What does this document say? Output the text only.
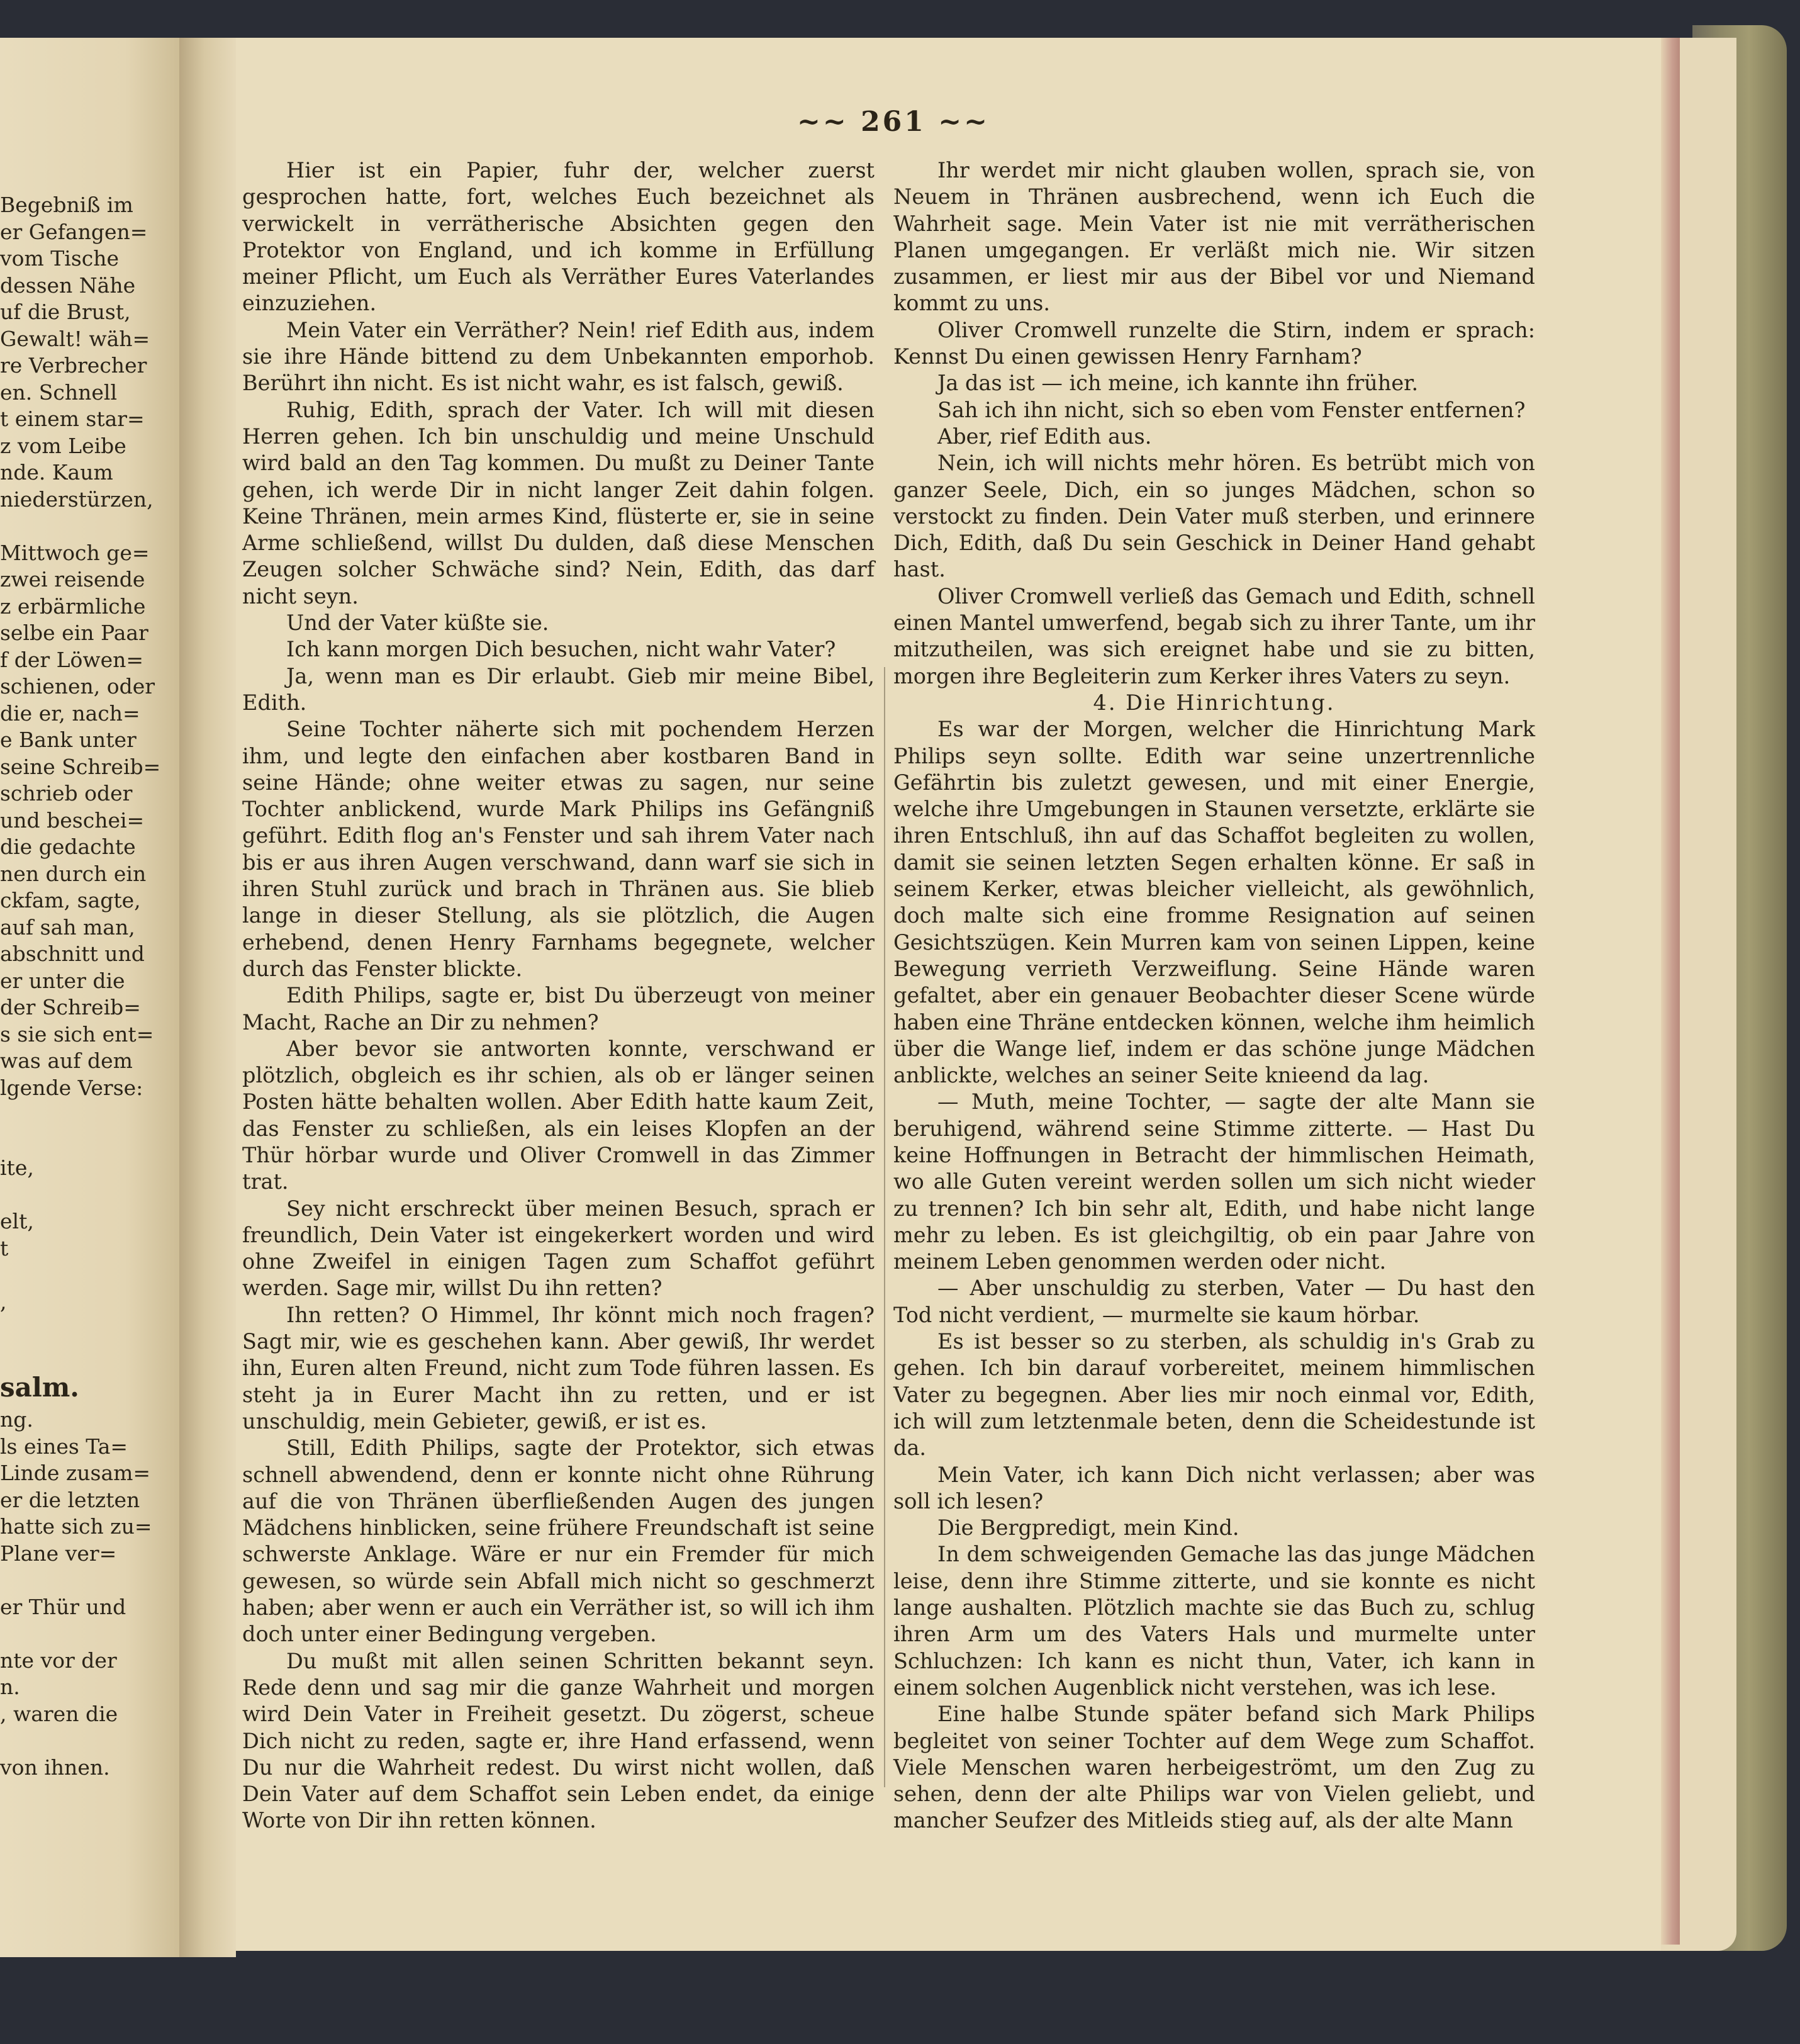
Begebniß im
er Gefangen=
vom Tische
dessen Nähe
uf die Brust,
Gewalt! wäh=
re Verbrecher
en. Schnell
t einem star=
z vom Leibe
nde. Kaum
niederstürzen,
Mittwoch ge=
zwei reisende
z erbärmliche
selbe ein Paar
f der Löwen=
schienen, oder
die er, nach=
e Bank unter
seine Schreib=
schrieb oder
und beschei=
die gedachte
nen durch ein
ckfam, sagte,
auf sah man,
abschnitt und
er unter die
der Schreib=
s sie sich ent=
was auf dem
lgende Verse:
ite,
elt,
t
,
salm.
ng.
ls eines Ta=
Linde zusam=
er die letzten
hatte sich zu=
Plane ver=
er Thür und
nte vor der
n.
, waren die
von ihnen.
~~ 261 ~~

Hier ist ein Papier, fuhr der, welcher zuerst gesprochen hatte, fort, welches Euch bezeichnet als verwickelt in verrätherische Absichten gegen den Protektor von England, und ich komme in Erfüllung meiner Pflicht, um Euch als Verräther Eures Vaterlandes einzuziehen.

Mein Vater ein Verräther? Nein! rief Edith aus, indem sie ihre Hände bittend zu dem Unbekannten emporhob. Berührt ihn nicht. Es ist nicht wahr, es ist falsch, gewiß.

Ruhig, Edith, sprach der Vater. Ich will mit diesen Herren gehen. Ich bin unschuldig und meine Unschuld wird bald an den Tag kommen. Du mußt zu Deiner Tante gehen, ich werde Dir in nicht langer Zeit dahin folgen. Keine Thränen, mein armes Kind, flüsterte er, sie in seine Arme schließend, willst Du dulden, daß diese Menschen Zeugen solcher Schwäche sind? Nein, Edith, das darf nicht seyn.

Und der Vater küßte sie.

Ich kann morgen Dich besuchen, nicht wahr Vater?

Ja, wenn man es Dir erlaubt. Gieb mir meine Bibel, Edith.

Seine Tochter näherte sich mit pochendem Herzen ihm, und legte den einfachen aber kostbaren Band in seine Hände; ohne weiter etwas zu sagen, nur seine Tochter anblickend, wurde Mark Philips ins Gefängniß geführt. Edith flog an's Fenster und sah ihrem Vater nach bis er aus ihren Augen verschwand, dann warf sie sich in ihren Stuhl zurück und brach in Thränen aus. Sie blieb lange in dieser Stellung, als sie plötzlich, die Augen erhebend, denen Henry Farnhams begegnete, welcher durch das Fenster blickte.

Edith Philips, sagte er, bist Du überzeugt von meiner Macht, Rache an Dir zu nehmen?

Aber bevor sie antworten konnte, verschwand er plötzlich, obgleich es ihr schien, als ob er länger seinen Posten hätte behalten wollen. Aber Edith hatte kaum Zeit, das Fenster zu schließen, als ein leises Klopfen an der Thür hörbar wurde und Oliver Cromwell in das Zimmer trat.

Sey nicht erschreckt über meinen Besuch, sprach er freundlich, Dein Vater ist eingekerkert worden und wird ohne Zweifel in einigen Tagen zum Schaffot geführt werden. Sage mir, willst Du ihn retten?

Ihn retten? O Himmel, Ihr könnt mich noch fragen? Sagt mir, wie es geschehen kann. Aber gewiß, Ihr werdet ihn, Euren alten Freund, nicht zum Tode führen lassen. Es steht ja in Eurer Macht ihn zu retten, und er ist unschuldig, mein Gebieter, gewiß, er ist es.

Still, Edith Philips, sagte der Protektor, sich etwas schnell abwendend, denn er konnte nicht ohne Rührung auf die von Thränen überfließenden Augen des jungen Mädchens hinblicken, seine frühere Freundschaft ist seine schwerste Anklage. Wäre er nur ein Fremder für mich gewesen, so würde sein Abfall mich nicht so geschmerzt haben; aber wenn er auch ein Verräther ist, so will ich ihm doch unter einer Bedingung vergeben.

Du mußt mit allen seinen Schritten bekannt seyn. Rede denn und sag mir die ganze Wahrheit und morgen wird Dein Vater in Freiheit gesetzt. Du zögerst, scheue Dich nicht zu reden, sagte er, ihre Hand erfassend, wenn Du nur die Wahrheit redest. Du wirst nicht wollen, daß Dein Vater auf dem Schaffot sein Leben endet, da einige Worte von Dir ihn retten können.

Ihr werdet mir nicht glauben wollen, sprach sie, von Neuem in Thränen ausbrechend, wenn ich Euch die Wahrheit sage. Mein Vater ist nie mit verrätherischen Planen umgegangen. Er verläßt mich nie. Wir sitzen zusammen, er liest mir aus der Bibel vor und Niemand kommt zu uns.

Oliver Cromwell runzelte die Stirn, indem er sprach: Kennst Du einen gewissen Henry Farnham?

Ja das ist — ich meine, ich kannte ihn früher.

Sah ich ihn nicht, sich so eben vom Fenster entfernen?

Aber, rief Edith aus.

Nein, ich will nichts mehr hören. Es betrübt mich von ganzer Seele, Dich, ein so junges Mädchen, schon so verstockt zu finden. Dein Vater muß sterben, und erinnere Dich, Edith, daß Du sein Geschick in Deiner Hand gehabt hast.

Oliver Cromwell verließ das Gemach und Edith, schnell einen Mantel umwerfend, begab sich zu ihrer Tante, um ihr mitzutheilen, was sich ereignet habe und sie zu bitten, morgen ihre Begleiterin zum Kerker ihres Vaters zu seyn.

4. Die Hinrichtung.

Es war der Morgen, welcher die Hinrichtung Mark Philips seyn sollte. Edith war seine unzertrennliche Gefährtin bis zuletzt gewesen, und mit einer Energie, welche ihre Umgebungen in Staunen versetzte, erklärte sie ihren Entschluß, ihn auf das Schaffot begleiten zu wollen, damit sie seinen letzten Segen erhalten könne. Er saß in seinem Kerker, etwas bleicher vielleicht, als gewöhnlich, doch malte sich eine fromme Resignation auf seinen Gesichtszügen. Kein Murren kam von seinen Lippen, keine Bewegung verrieth Verzweiflung. Seine Hände waren gefaltet, aber ein genauer Beobachter dieser Scene würde haben eine Thräne entdecken können, welche ihm heimlich über die Wange lief, indem er das schöne junge Mädchen anblickte, welches an seiner Seite knieend da lag.

— Muth, meine Tochter, — sagte der alte Mann sie beruhigend, während seine Stimme zitterte. — Hast Du keine Hoffnungen in Betracht der himmlischen Heimath, wo alle Guten vereint werden sollen um sich nicht wieder zu trennen? Ich bin sehr alt, Edith, und habe nicht lange mehr zu leben. Es ist gleichgiltig, ob ein paar Jahre von meinem Leben genommen werden oder nicht.

— Aber unschuldig zu sterben, Vater — Du hast den Tod nicht verdient, — murmelte sie kaum hörbar.

Es ist besser so zu sterben, als schuldig in's Grab zu gehen. Ich bin darauf vorbereitet, meinem himmlischen Vater zu begegnen. Aber lies mir noch einmal vor, Edith, ich will zum letztenmale beten, denn die Scheidestunde ist da.

Mein Vater, ich kann Dich nicht verlassen; aber was soll ich lesen?

Die Bergpredigt, mein Kind.

In dem schweigenden Gemache las das junge Mädchen leise, denn ihre Stimme zitterte, und sie konnte es nicht lange aushalten. Plötzlich machte sie das Buch zu, schlug ihren Arm um des Vaters Hals und murmelte unter Schluchzen: Ich kann es nicht thun, Vater, ich kann in einem solchen Augenblick nicht verstehen, was ich lese.

Eine halbe Stunde später befand sich Mark Philips begleitet von seiner Tochter auf dem Wege zum Schaffot. Viele Menschen waren herbeigeströmt, um den Zug zu sehen, denn der alte Philips war von Vielen geliebt, und mancher Seufzer des Mitleids stieg auf, als der alte Mann
